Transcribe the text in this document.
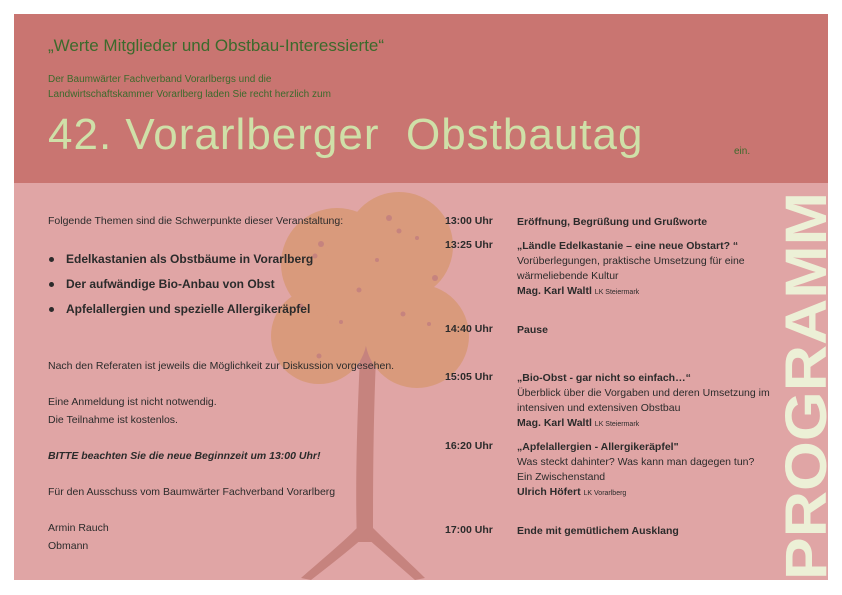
„Werte Mitglieder und Obstbau-Interessierte“
Der Baumwärter Fachverband Vorarlbergs und die
Landwirtschaftskammer Vorarlberg laden Sie recht herzlich zum
42. Vorarlberger  Obstbautag	ein.
PROGRAMM
Folgende Themen sind die Schwerpunkte dieser Veranstaltung:
Edelkastanien als Obstbäume in Vorarlberg
Der aufwändige Bio-Anbau von Obst
Apfelallergien und spezielle Allergikeräpfel
Nach den Referaten ist jeweils die Möglichkeit zur Diskussion vorgesehen.
Eine Anmeldung ist nicht notwendig.
Die Teilnahme ist kostenlos.
BITTE beachten Sie die neue Beginnzeit um 13:00 Uhr!
Für den Ausschuss vom Baumwärter Fachverband Vorarlberg
Armin Rauch
Obmann
13:00 Uhr Eröffnung, Begrüßung und Grußworte
13:25 Uhr „Ländle Edelkastanie – eine neue Obstart? “
Vorüberlegungen, praktische Umsetzung für eine wärmeliebende Kultur
Mag. Karl Waltl LK Steiermark
14:40 Uhr Pause
15:05 Uhr „Bio-Obst - gar nicht so einfach…“
Überblick über die Vorgaben und deren Umsetzung im intensiven und extensiven Obstbau
Mag. Karl Waltl LK Steiermark
16:20 Uhr „Apfelallergien - Allergikeräpfel"
Was steckt dahinter? Was kann man dagegen tun? Ein Zwischenstand
Ulrich Höfert LK Vorarlberg
17:00 Uhr Ende mit gemütlichem Ausklang
